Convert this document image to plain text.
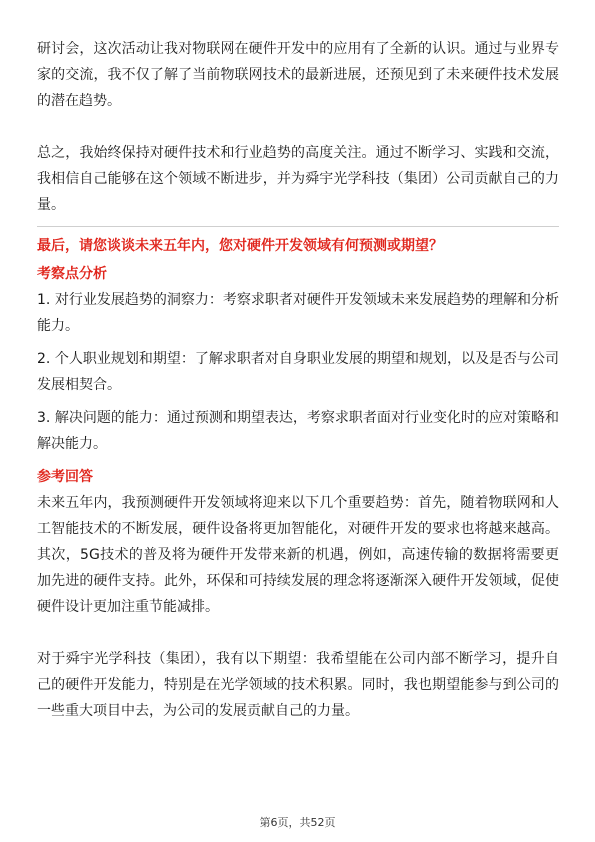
研讨会，这次活动让我对物联网在硬件开发中的应用有了全新的认识。通过与业界专家的交流，我不仅了解了当前物联网技术的最新进展，还预见到了未来硬件技术发展的潜在趋势。

总之，我始终保持对硬件技术和行业趋势的高度关注。通过不断学习、实践和交流，我相信自己能够在这个领域不断进步，并为舜宇光学科技（集团）公司贡献自己的力量。

最后，请您谈谈未来五年内，您对硬件开发领域有何预测或期望？
考察点分析

1. 对行业发展趋势的洞察力：考察求职者对硬件开发领域未来发展趋势的理解和分析能力。

2. 个人职业规划和期望：了解求职者对自身职业发展的期望和规划，以及是否与公司发展相契合。

3. 解决问题的能力：通过预测和期望表达，考察求职者面对行业变化时的应对策略和解决能力。

参考回答

未来五年内，我预测硬件开发领域将迎来以下几个重要趋势：首先，随着物联网和人工智能技术的不断发展，硬件设备将更加智能化，对硬件开发的要求也将越来越高。其次，5G技术的普及将为硬件开发带来新的机遇，例如，高速传输的数据将需要更加先进的硬件支持。此外，环保和可持续发展的理念将逐渐深入硬件开发领域，促使硬件设计更加注重节能减排。

对于舜宇光学科技（集团），我有以下期望：我希望能在公司内部不断学习，提升自己的硬件开发能力，特别是在光学领域的技术积累。同时，我也期望能参与到公司的一些重大项目中去，为公司的发展贡献自己的力量。

第6页，共52页
